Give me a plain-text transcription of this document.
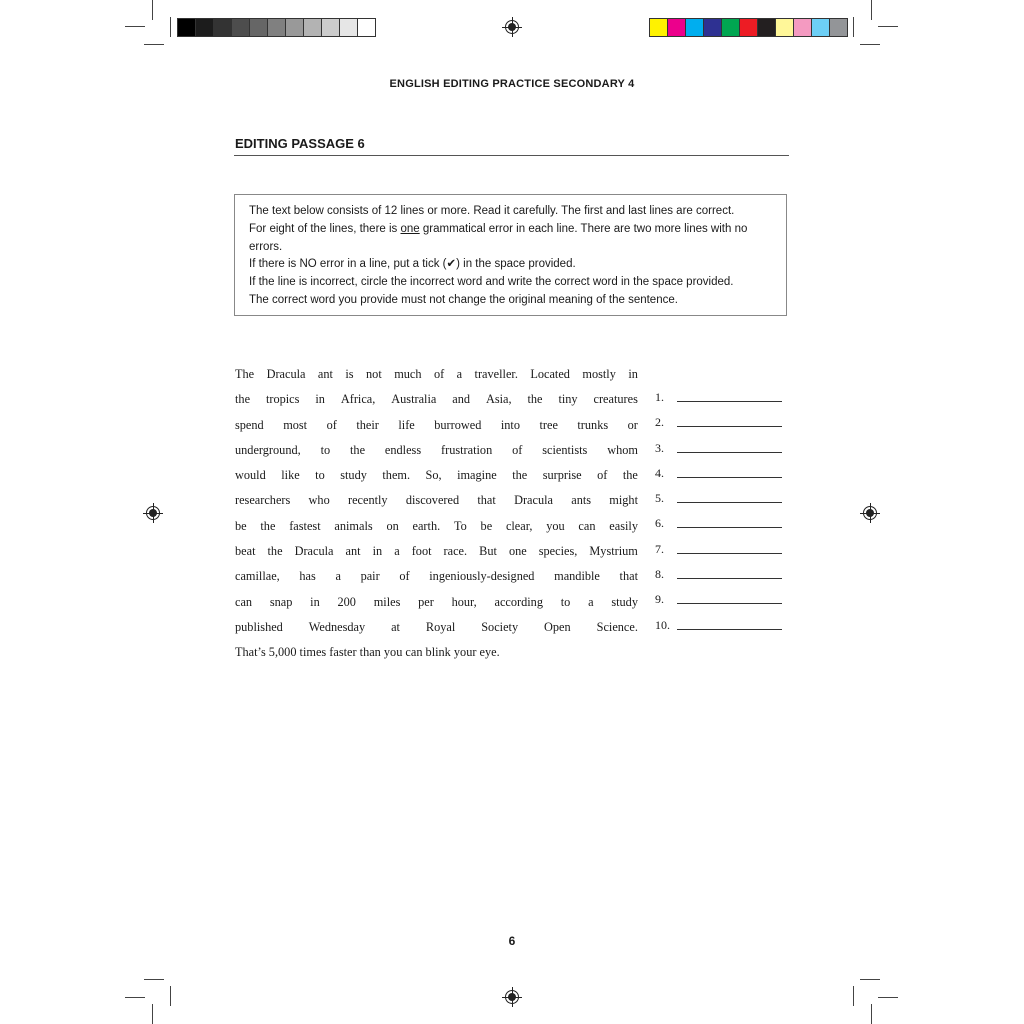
ENGLISH EDITING PRACTICE SECONDARY 4
EDITING PASSAGE 6
The text below consists of 12 lines or more. Read it carefully. The first and last lines are correct.
For eight of the lines, there is one grammatical error in each line. There are two more lines with no
errors.
If there is NO error in a line, put a tick (✔) in the space provided.
If the line is incorrect, circle the incorrect word and write the correct word in the space provided.
The correct word you provide must not change the original meaning of the sentence.
The Dracula ant is not much of a traveller. Located mostly in
the tropics in Africa, Australia and Asia, the tiny creatures
spend most of their life burrowed into tree trunks or
underground, to the endless frustration of scientists whom
would like to study them. So, imagine the surprise of the
researchers who recently discovered that Dracula ants might
be the fastest animals on earth. To be clear, you can easily
beat the Dracula ant in a foot race. But one species, Mystrium
camillae, has a pair of ingeniously-designed mandible that
can snap in 200 miles per hour, according to a study
published Wednesday at Royal Society Open Science.
That’s 5,000 times faster than you can blink your eye.
1.
2.
3.
4.
5.
6.
7.
8.
9.
10.
6
